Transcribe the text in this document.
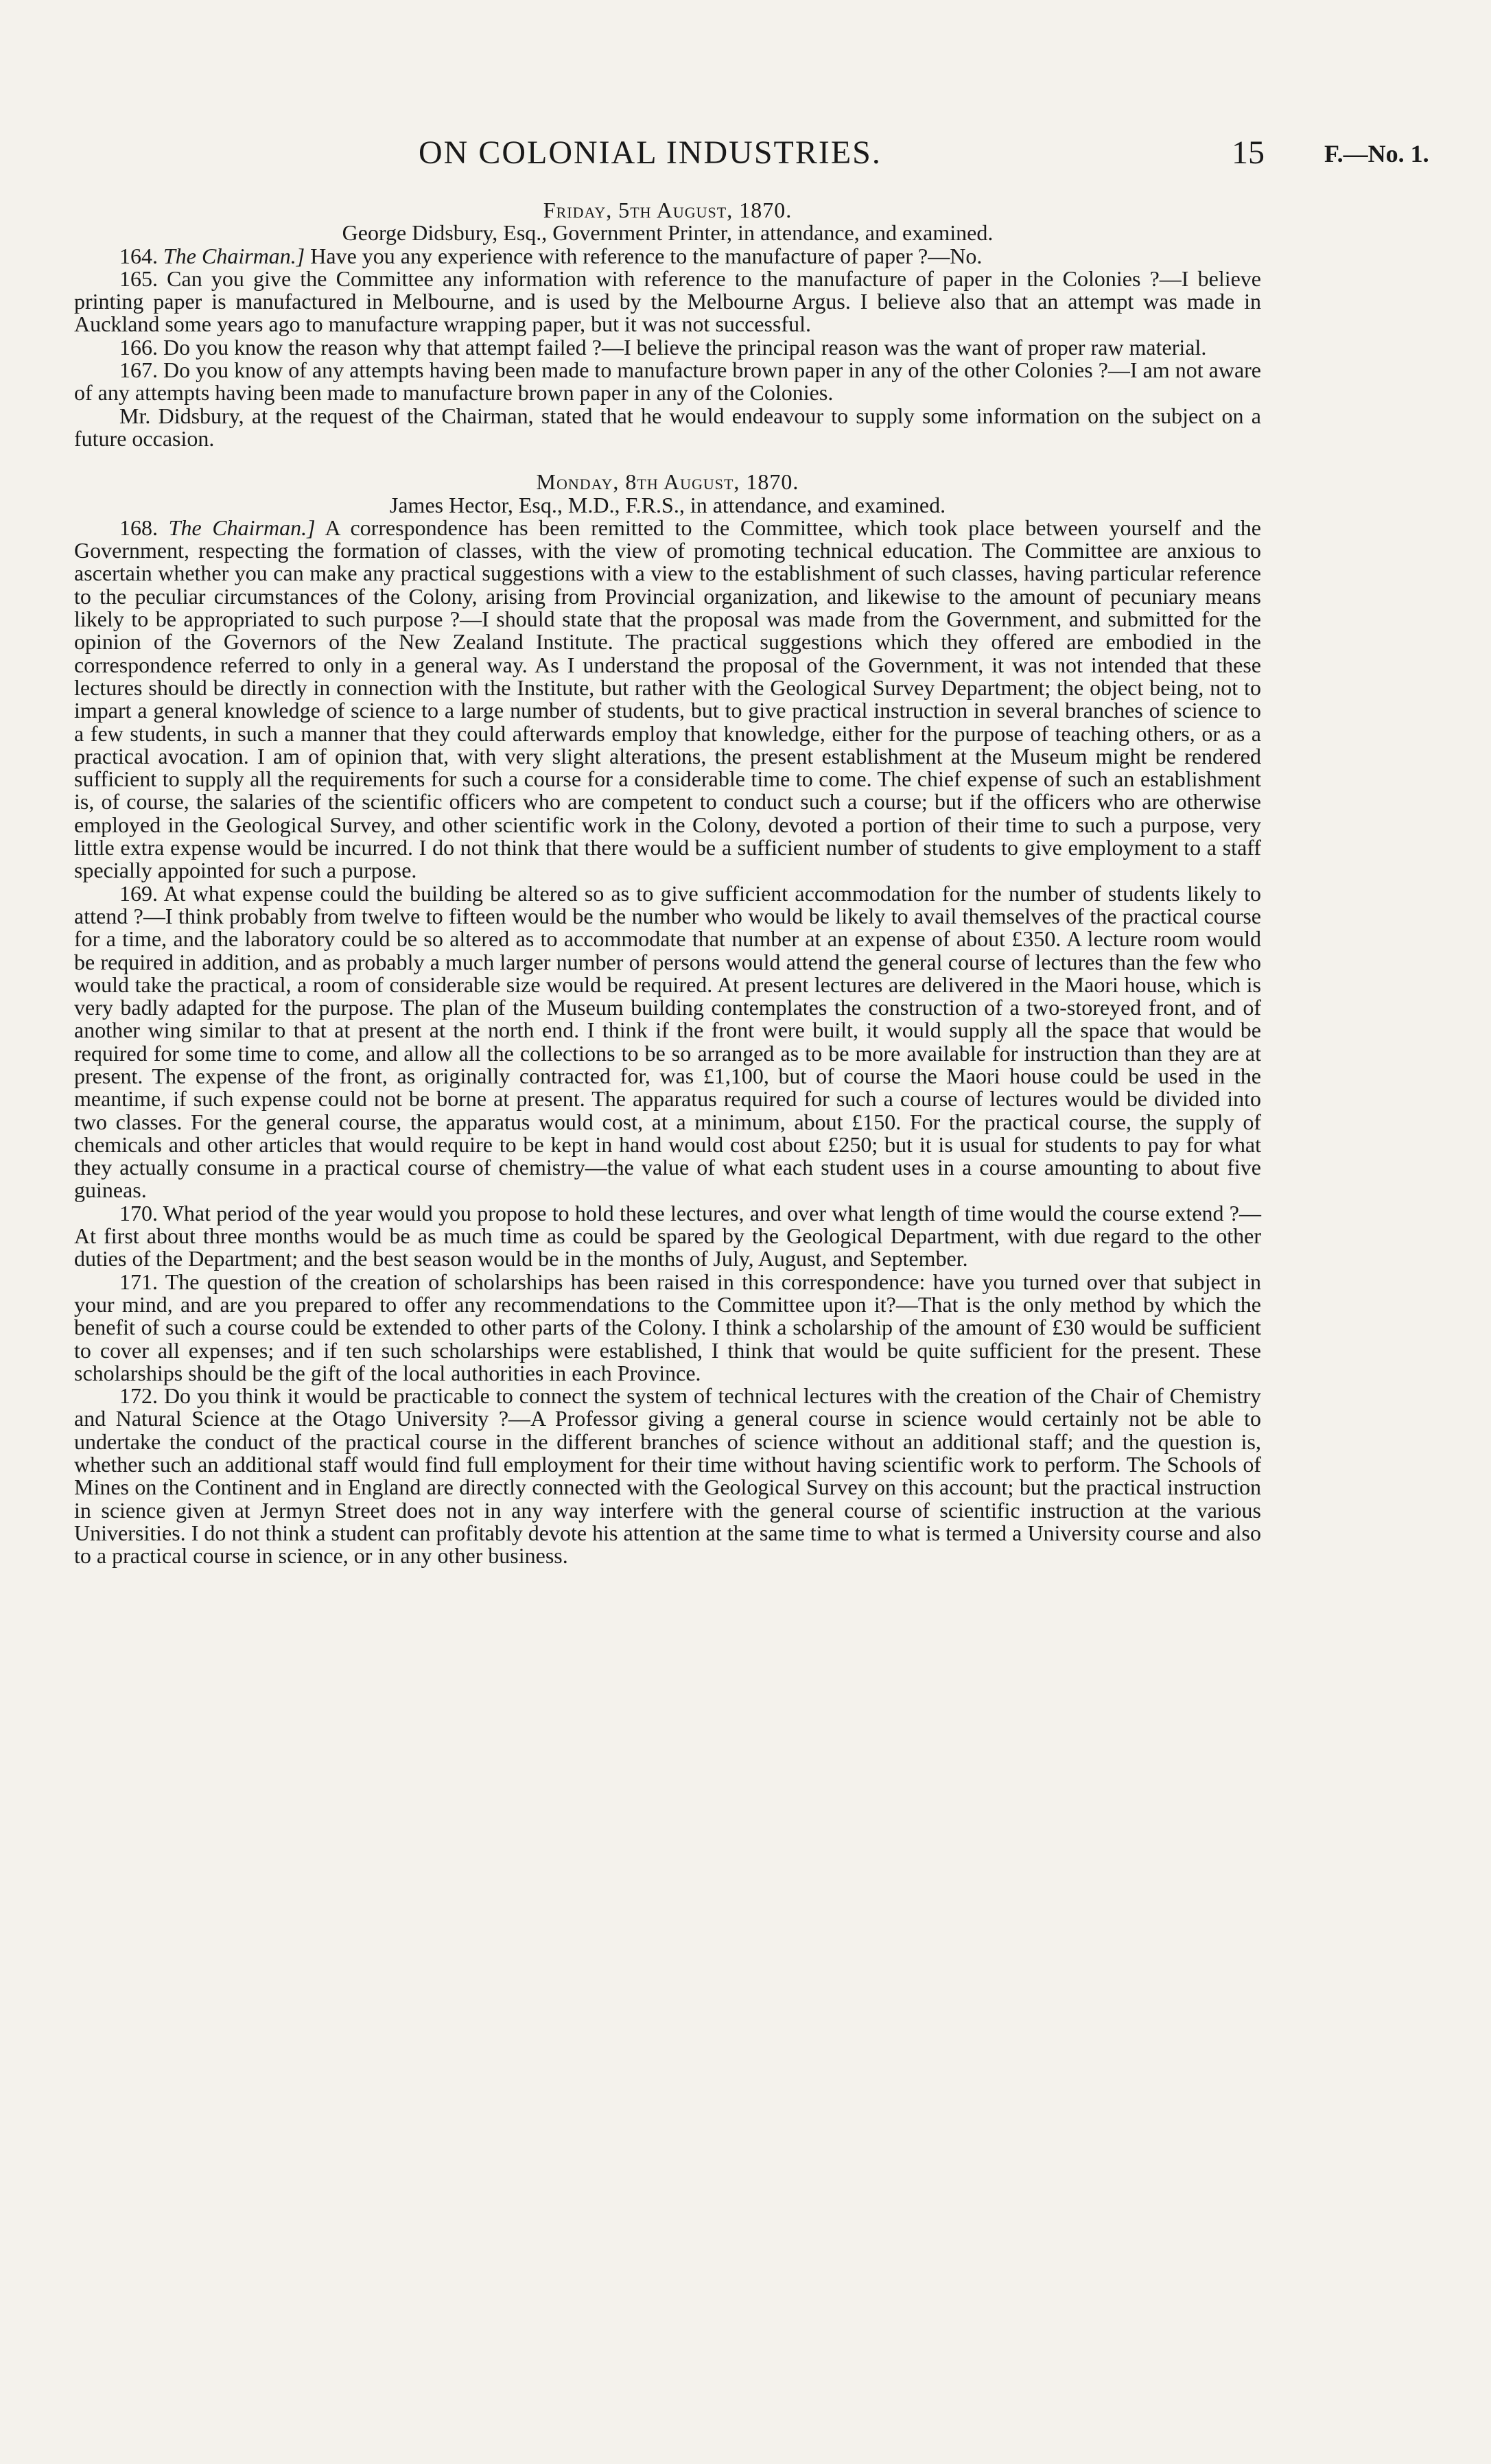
ON COLONIAL INDUSTRIES.	15 F.—No. 1.

Friday, 5th August, 1870.

George Didsbury, Esq., Government Printer, in attendance, and examined.

164. The Chairman.] Have you any experience with reference to the manufacture of paper ?—No.

165. Can you give the Committee any information with reference to the manufacture of paper in the Colonies ?—I believe printing paper is manufactured in Melbourne, and is used by the Melbourne Argus. I believe also that an attempt was made in Auckland some years ago to manufacture wrapping paper, but it was not successful.

166. Do you know the reason why that attempt failed ?—I believe the principal reason was the want of proper raw material.

167. Do you know of any attempts having been made to manufacture brown paper in any of the other Colonies ?—I am not aware of any attempts having been made to manufacture brown paper in any of the Colonies.

Mr. Didsbury, at the request of the Chairman, stated that he would endeavour to supply some information on the subject on a future occasion.

Monday, 8th August, 1870.

James Hector, Esq., M.D., F.R.S., in attendance, and examined.

168. The Chairman.] A correspondence has been remitted to the Committee, which took place between yourself and the Government, respecting the formation of classes, with the view of promoting technical education. The Committee are anxious to ascertain whether you can make any practical suggestions with a view to the establishment of such classes, having particular reference to the peculiar circumstances of the Colony, arising from Provincial organization, and likewise to the amount of pecuniary means likely to be appropriated to such purpose ?—I should state that the proposal was made from the Government, and submitted for the opinion of the Governors of the New Zealand Institute. The practical suggestions which they offered are embodied in the correspondence referred to only in a general way. As I understand the proposal of the Government, it was not intended that these lectures should be directly in connection with the Institute, but rather with the Geological Survey Department; the object being, not to impart a general knowledge of science to a large number of students, but to give practical instruction in several branches of science to a few students, in such a manner that they could afterwards employ that knowledge, either for the purpose of teaching others, or as a practical avocation. I am of opinion that, with very slight alterations, the present establishment at the Museum might be rendered sufficient to supply all the requirements for such a course for a considerable time to come. The chief expense of such an establishment is, of course, the salaries of the scientific officers who are competent to conduct such a course; but if the officers who are otherwise employed in the Geological Survey, and other scientific work in the Colony, devoted a portion of their time to such a purpose, very little extra expense would be incurred. I do not think that there would be a sufficient number of students to give employment to a staff specially appointed for such a purpose.

169. At what expense could the building be altered so as to give sufficient accommodation for the number of students likely to attend ?—I think probably from twelve to fifteen would be the number who would be likely to avail themselves of the practical course for a time, and the laboratory could be so altered as to accommodate that number at an expense of about £350. A lecture room would be required in addition, and as probably a much larger number of persons would attend the general course of lectures than the few who would take the practical, a room of considerable size would be required. At present lectures are delivered in the Maori house, which is very badly adapted for the purpose. The plan of the Museum building contemplates the construction of a two-storeyed front, and of another wing similar to that at present at the north end. I think if the front were built, it would supply all the space that would be required for some time to come, and allow all the collections to be so arranged as to be more available for instruction than they are at present. The expense of the front, as originally contracted for, was £1,100, but of course the Maori house could be used in the meantime, if such expense could not be borne at present. The apparatus required for such a course of lectures would be divided into two classes. For the general course, the apparatus would cost, at a minimum, about £150. For the practical course, the supply of chemicals and other articles that would require to be kept in hand would cost about £250; but it is usual for students to pay for what they actually consume in a practical course of chemistry—the value of what each student uses in a course amounting to about five guineas.

170. What period of the year would you propose to hold these lectures, and over what length of time would the course extend ?—At first about three months would be as much time as could be spared by the Geological Department, with due regard to the other duties of the Department; and the best season would be in the months of July, August, and September.

171. The question of the creation of scholarships has been raised in this correspondence: have you turned over that subject in your mind, and are you prepared to offer any recommendations to the Committee upon it?—That is the only method by which the benefit of such a course could be extended to other parts of the Colony. I think a scholarship of the amount of £30 would be sufficient to cover all expenses; and if ten such scholarships were established, I think that would be quite sufficient for the present. These scholarships should be the gift of the local authorities in each Province.

172. Do you think it would be practicable to connect the system of technical lectures with the creation of the Chair of Chemistry and Natural Science at the Otago University ?—A Professor giving a general course in science would certainly not be able to undertake the conduct of the practical course in the different branches of science without an additional staff; and the question is, whether such an additional staff would find full employment for their time without having scientific work to perform. The Schools of Mines on the Continent and in England are directly connected with the Geological Survey on this account; but the practical instruction in science given at Jermyn Street does not in any way interfere with the general course of scientific instruction at the various Universities. I do not think a student can profitably devote his attention at the same time to what is termed a University course and also to a practical course in science, or in any other business.
